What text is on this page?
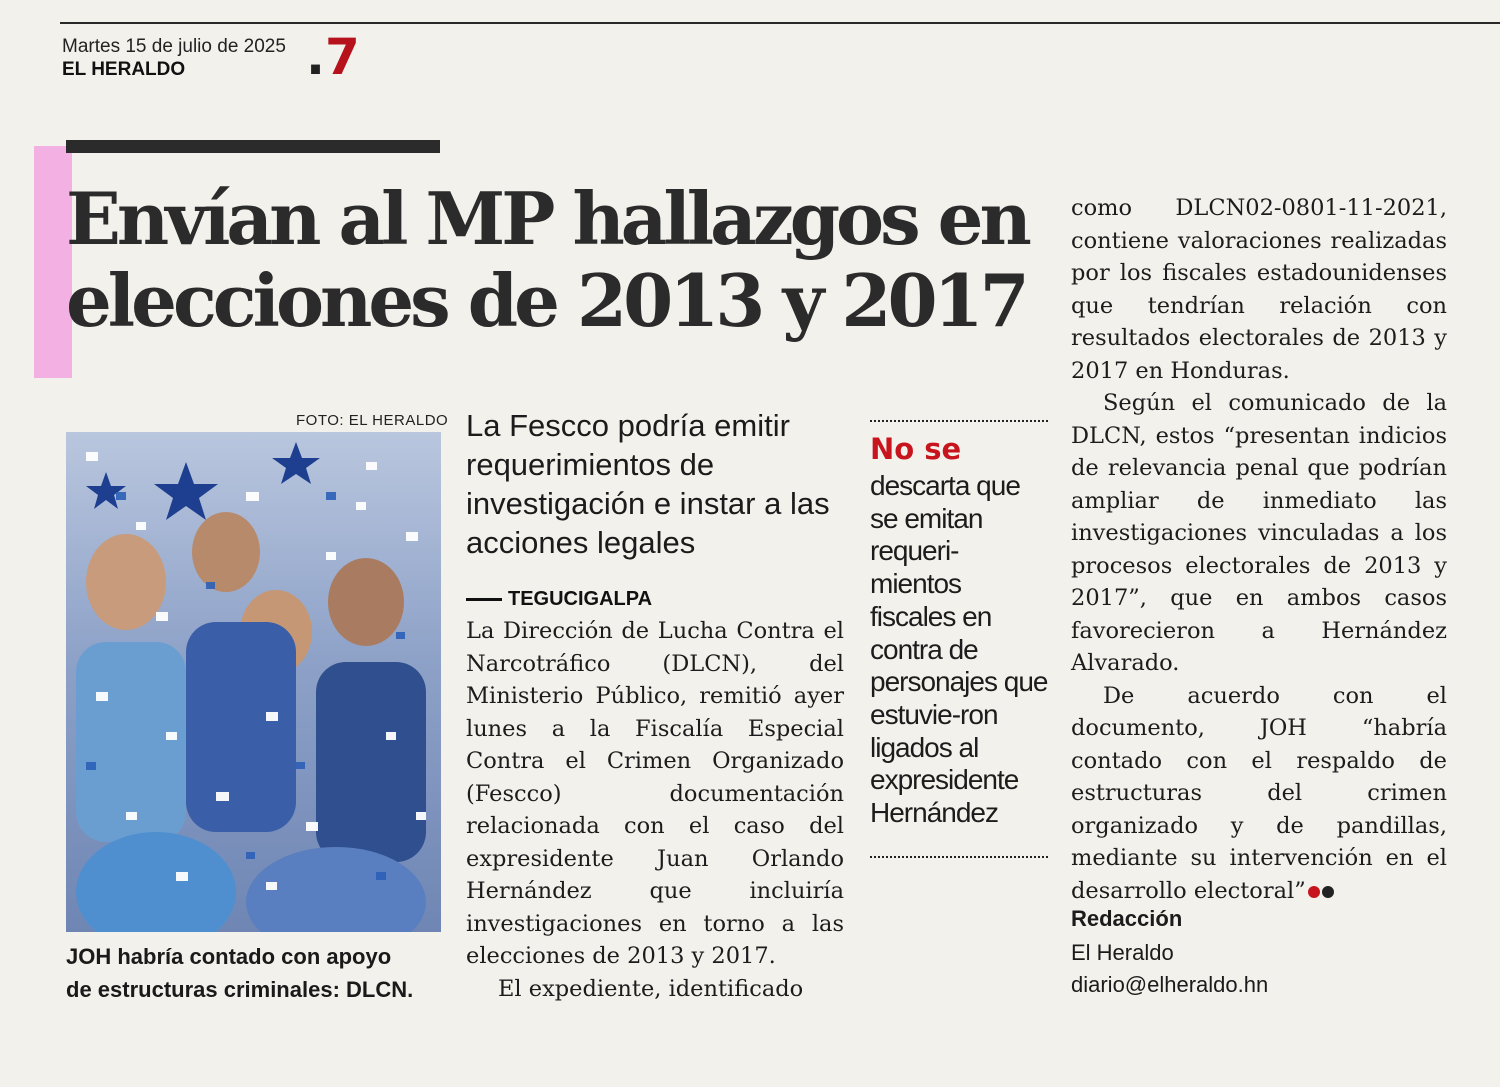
Martes 15 de julio de 2025
EL HERALDO .7
Envían al MP hallazgos en
elecciones de 2013 y 2017
FOTO: EL HERALDO
JOH habría contado con apoyo
de estructuras criminales: DLCN.
La Fescco podría emitir requerimientos de investigación e instar a las acciones legales
TEGUCIGALPA

La Dirección de Lucha Contra el Narcotráfico (DLCN), del Ministerio Público, remitió ayer lunes a la Fiscalía Especial Contra el Crimen Organizado (Fescco) documentación relacionada con el caso del expresidente Juan Orlando Hernández que incluiría investigaciones en torno a las elecciones de 2013 y 2017.

El expediente, identificado

No se
descarta que se emitan requeri-mientos fiscales en contra de personajes que estuvie-ron ligados al expresidente Hernández

como DLCN02-0801-11-2021, contiene valoraciones realizadas por los fiscales estadounidenses que tendrían relación con resultados electorales de 2013 y 2017 en Honduras.

Según el comunicado de la DLCN, estos “presentan indicios de relevancia penal que podrían ampliar de inmediato las investigaciones vinculadas a los procesos electorales de 2013 y 2017”, que en ambos casos favorecieron a Hernández Alvarado.

De acuerdo con el documento, JOH “habría contado con el respaldo de estructuras del crimen organizado y de pandillas, mediante su intervención en el desarrollo electoral”

Redacción
El Heraldo
diario@elheraldo.hn
